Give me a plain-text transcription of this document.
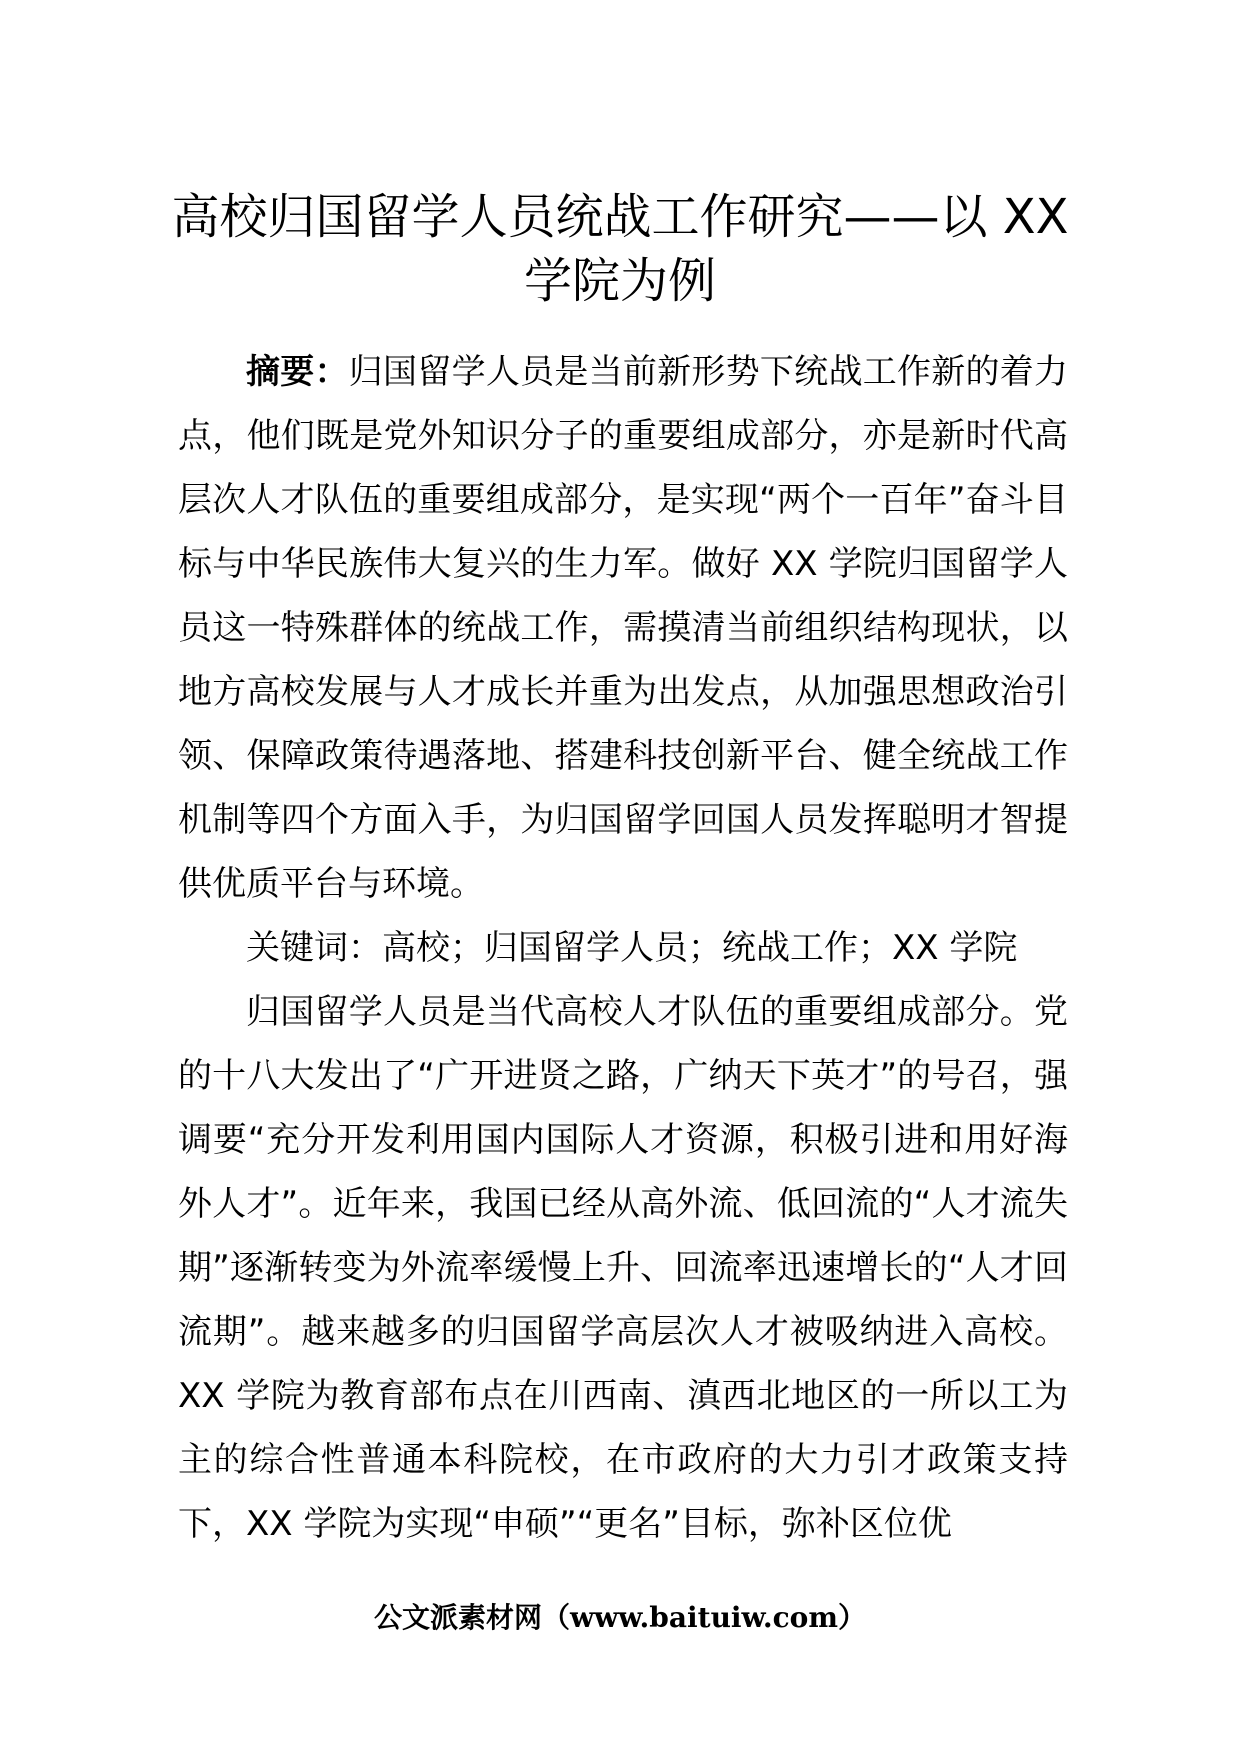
高校归国留学人员统战工作研究——以 XX
学院为例

摘要：归国留学人员是当前新形势下统战工作新的着力点，他们既是党外知识分子的重要组成部分，亦是新时代高层次人才队伍的重要组成部分，是实现“两个一百年”奋斗目标与中华民族伟大复兴的生力军。做好 XX 学院归国留学人员这一特殊群体的统战工作，需摸清当前组织结构现状，以地方高校发展与人才成长并重为出发点，从加强思想政治引领、保障政策待遇落地、搭建科技创新平台、健全统战工作机制等四个方面入手，为归国留学回国人员发挥聪明才智提供优质平台与环境。

关键词：高校；归国留学人员；统战工作；XX 学院

归国留学人员是当代高校人才队伍的重要组成部分。党的十八大发出了“广开进贤之路，广纳天下英才”的号召，强调要“充分开发利用国内国际人才资源，积极引进和用好海外人才”。近年来，我国已经从高外流、低回流的“人才流失期”逐渐转变为外流率缓慢上升、回流率迅速增长的“人才回流期”。越来越多的归国留学高层次人才被吸纳进入高校。XX 学院为教育部布点在川西南、滇西北地区的一所以工为主的综合性普通本科院校，在市政府的大力引才政策支持下，XX 学院为实现“申硕”“更名”目标，弥补区位优

公文派素材网（www.baituiw.com）
